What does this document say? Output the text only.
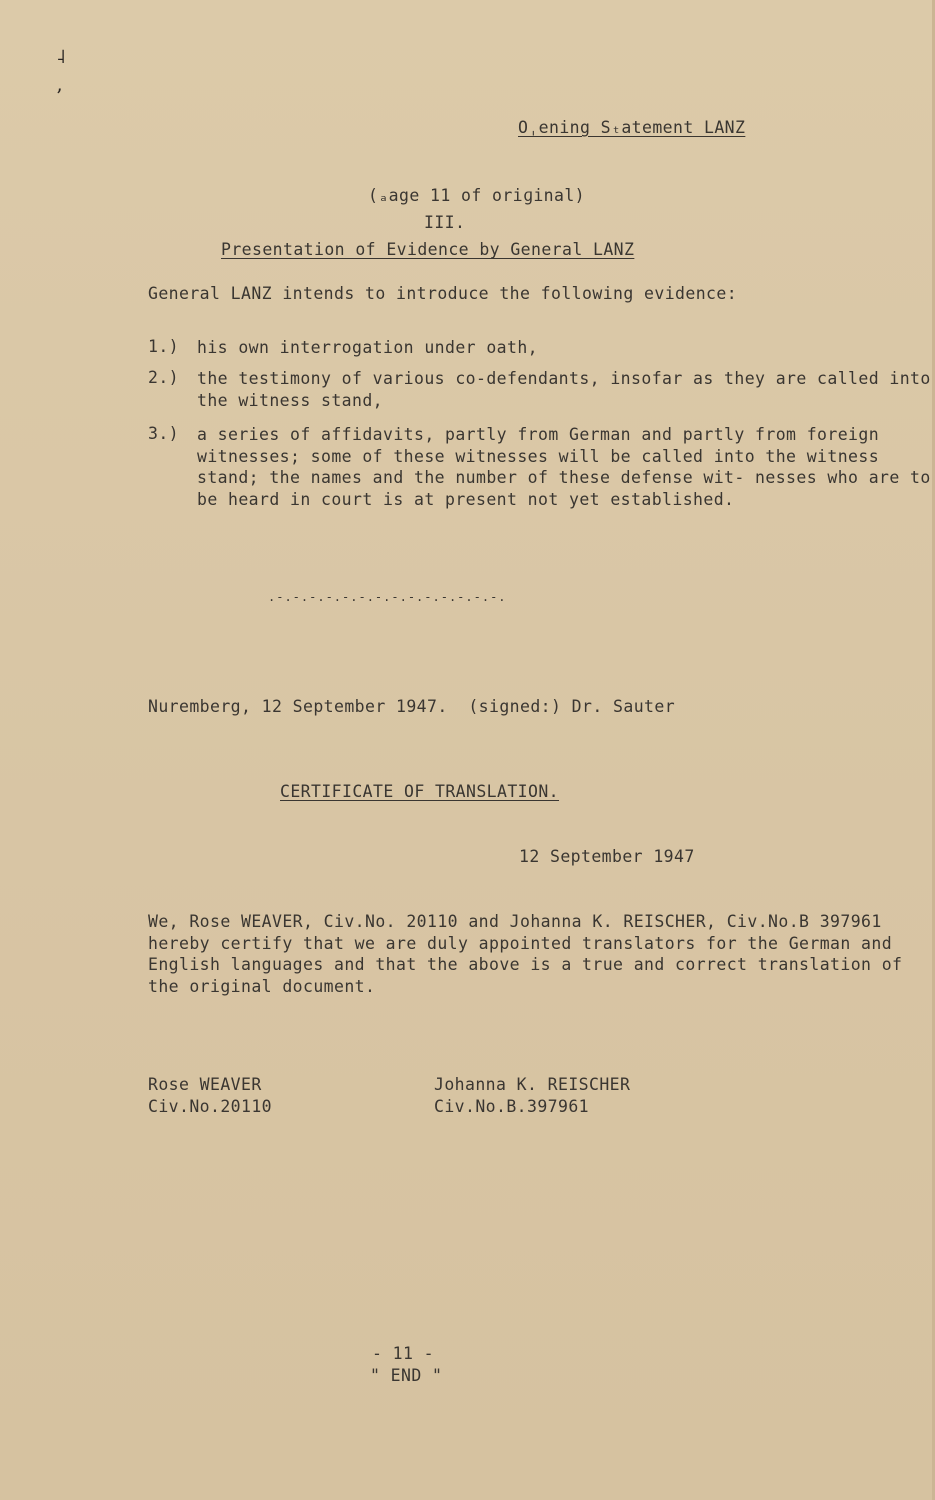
˨
’
Oˌening Sₜatement LANZ
(ₐage 11 of oriɡinal)
III.
Presentation of Evidence by General LANZ
General LANZ intends to introduce the following evidence:
1.) his own interrogation under oath,
2.) the testimony of various co-defendants, insofar as they are called into the witness stand,
3.) a series of affidavits, partly from German and partly from foreign witnesses; some of these witnesses will be called into the witness stand; the names and the number of these defense wit- nesses who are to be heard in court is at present not yet established.
.-.-.-.-.-.-.-.-.-.-.-.-.-.-.
Nuremberg, 12 September 1947.  (signed:) Dr. Sauter
CERTIFICATE OF TRANSLATION.
12 September 1947
We, Rose WEAVER, Civ.No. 20110 and Johanna K. REISCHER, Civ.No.B 397961 hereby certify that we are duly appointed translators for the German and English languages and that the above is a true and correct translation of the original document.
Rose WEAVER
Civ.No.20110
Johanna K. REISCHER
Civ.No.B.397961
- 11 -
" END "
